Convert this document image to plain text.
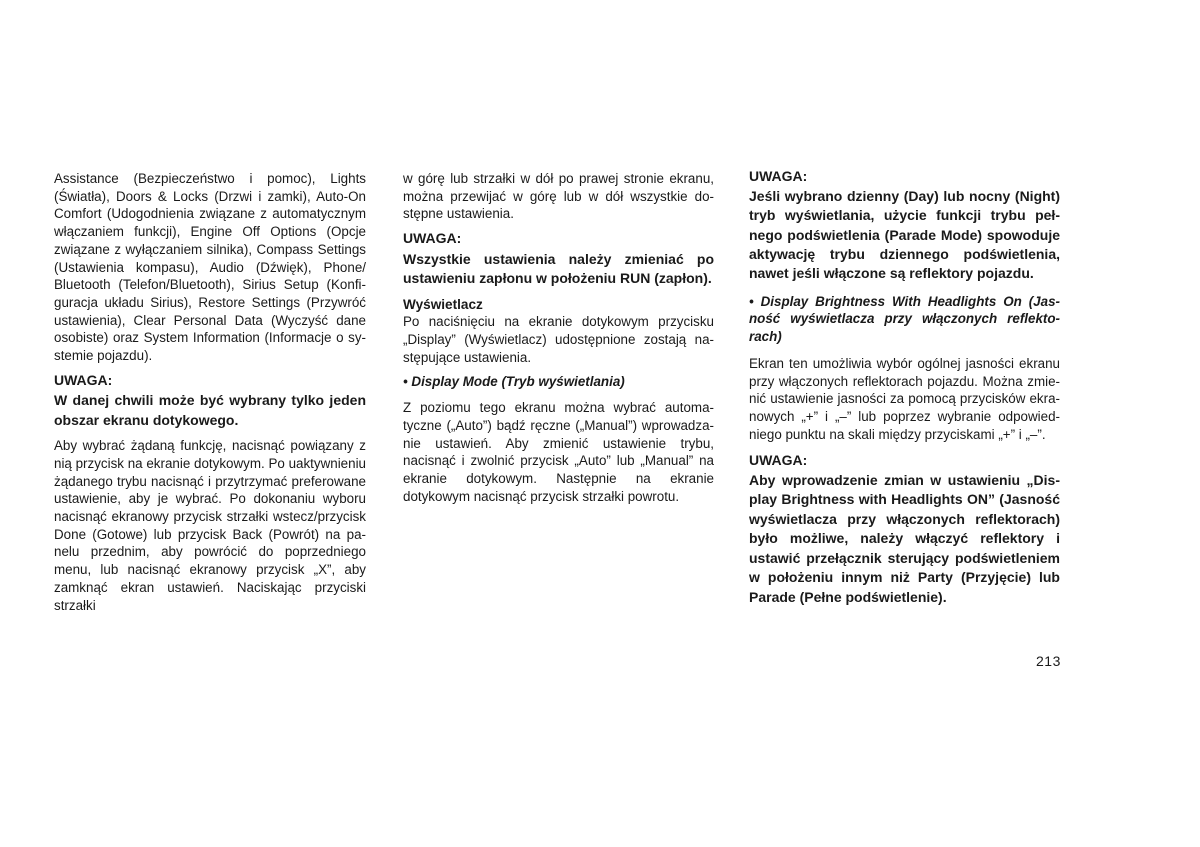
Assistance (Bezpieczeństwo i pomoc), Lights (Światła), Doors & Locks (Drzwi i zamki), Auto-On Comfort (Udogodnienia związane z automatycznym włączaniem funkcji), Engine Off Options (Opcje związane z wyłączaniem silnika), Compass Settings (Ustawienia kompasu), Audio (Dźwięk), Phone/ Bluetooth (Telefon/Bluetooth), Sirius Setup (Konfiguracja układu Sirius), Restore Settings (Przywróć ustawienia), Clear Personal Data (Wyczyść dane osobiste) oraz System Information (Informacje o systemie pojazdu).

UWAGA:

W danej chwili może być wybrany tylko jeden obszar ekranu dotykowego.

Aby wybrać żądaną funkcję, nacisnąć powiązany z nią przycisk na ekranie dotykowym. Po uaktywnieniu żądanego trybu nacisnąć i przytrzymać preferowane ustawienie, aby je wybrać. Po dokonaniu wyboru nacisnąć ekranowy przycisk strzałki wstecz/przycisk Done (Gotowe) lub przycisk Back (Powrót) na panelu przednim, aby powrócić do poprzedniego menu, lub nacisnąć ekranowy przycisk „X”, aby zamknąć ekran ustawień. Naciskając przyciski strzałki

w górę lub strzałki w dół po prawej stronie ekranu, można przewijać w górę lub w dół wszystkie dostępne ustawienia.

UWAGA:

Wszystkie ustawienia należy zmieniać po ustawieniu zapłonu w położeniu RUN (zapłon).

Wyświetlacz

Po naciśnięciu na ekranie dotykowym przycisku „Display” (Wyświetlacz) udostępnione zostają następujące ustawienia.

• Display Mode (Tryb wyświetlania)

Z poziomu tego ekranu można wybrać automatyczne („Auto”) bądź ręczne („Manual”) wprowadzanie ustawień. Aby zmienić ustawienie trybu, nacisnąć i zwolnić przycisk „Auto” lub „Manual” na ekranie dotykowym. Następnie na ekranie dotykowym nacisnąć przycisk strzałki powrotu.

UWAGA:

Jeśli wybrano dzienny (Day) lub nocny (Night) tryb wyświetlania, użycie funkcji trybu pełnego podświetlenia (Parade Mode) spowoduje aktywację trybu dziennego podświetlenia, nawet jeśli włączone są reflektory pojazdu.

• Display Brightness With Headlights On (Jasność wyświetlacza przy włączonych reflektorach)

Ekran ten umożliwia wybór ogólnej jasności ekranu przy włączonych reflektorach pojazdu. Można zmienić ustawienie jasności za pomocą przycisków ekranowych „+” i „–” lub poprzez wybranie odpowiedniego punktu na skali między przyciskami „+” i „–”.

UWAGA:

Aby wprowadzenie zmian w ustawieniu „Display Brightness with Headlights ON” (Jasność wyświetlacza przy włączonych reflektorach) było możliwe, należy włączyć reflektory i ustawić przełącznik sterujący podświetleniem w położeniu innym niż Party (Przyjęcie) lub Parade (Pełne podświetlenie).

213
